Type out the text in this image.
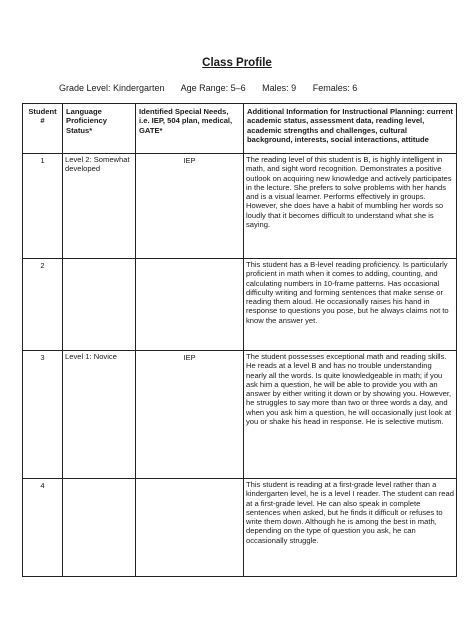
Class Profile
Grade Level: Kindergarten Age Range: 5–6 Males: 9 Females: 6
Student #	Language Proficiency Status*	Identified Special Needs, i.e. IEP, 504 plan, medical, GATE*	Additional Information for Instructional Planning: current academic status, assessment data, reading level, academic strengths and challenges, cultural background, interests, social interactions, attitude
1	Level 2: Somewhat developed	IEP	The reading level of this student is B, is highly intelligent in math, and sight word recognition. Demonstrates a positive outlook on acquiring new knowledge and actively participates in the lecture. She prefers to solve problems with her hands and is a visual learner. Performs effectively in groups. However, she does have a habit of mumbling her words so loudly that it becomes difficult to understand what she is saying.
2			This student has a B-level reading proficiency. Is particularly proficient in math when it comes to adding, counting, and calculating numbers in 10-frame patterns. Has occasional difficulty writing and forming sentences that make sense or reading them aloud. He occasionally raises his hand in response to questions you pose, but he always claims not to know the answer yet.
3	Level 1: Novice	IEP	The student possesses exceptional math and reading skills. He reads at a level B and has no trouble understanding nearly all the words. Is quite knowledgeable in math; if you ask him a question, he will be able to provide you with an answer by either writing it down or by showing you. However, he struggles to say more than two or three words a day, and when you ask him a question, he will occasionally just look at you or shake his head in response. He is selective mutism.
4			This student is reading at a first-grade level rather than a kindergarten level, he is a level I reader. The student can read at a first-grade level. He can also speak in complete sentences when asked, but he finds it difficult or refuses to write them down. Although he is among the best in math, depending on the type of question you ask, he can occasionally struggle.
